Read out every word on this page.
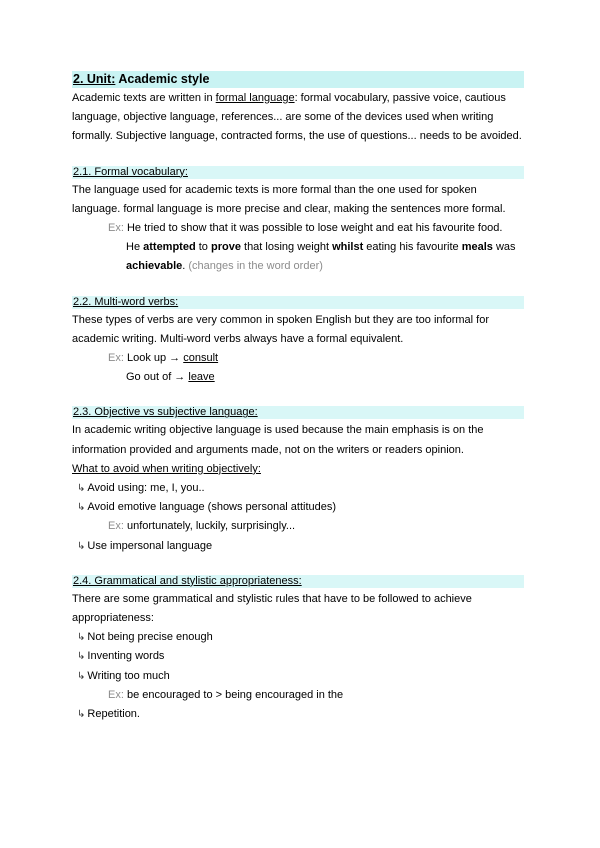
2. Unit: Academic style

Academic texts are written in formal language: formal vocabulary, passive voice, cautious language, objective language, references... are some of the devices used when writing formally. Subjective language, contracted forms, the use of questions... needs to be avoided.

2.1. Formal vocabulary:

The language used for academic texts is more formal than the one used for spoken language. formal language is more precise and clear, making the sentences more formal.

Ex: He tried to show that it was possible to lose weight and eat his favourite food.
He attempted to prove that losing weight whilst eating his favourite meals was achievable. (changes in the word order)
2.2. Multi-word verbs:

These types of verbs are very common in spoken English but they are too informal for academic writing. Multi-word verbs always have a formal equivalent.

Ex: Look up → consult
Go out of → leave
2.3. Objective vs subjective language:

In academic writing objective language is used because the main emphasis is on the information provided and arguments made, not on the writers or readers opinion.

What to avoid when writing objectively:
↳ Avoid using: me, I, you..
↳ Avoid emotive language (shows personal attitudes)
Ex: unfortunately, luckily, surprisingly...
↳ Use impersonal language
2.4. Grammatical and stylistic appropriateness:

There are some grammatical and stylistic rules that have to be followed to achieve appropriateness:

↳ Not being precise enough
↳ Inventing words
↳ Writing too much
Ex: be encouraged to > being encouraged in the
↳ Repetition.
